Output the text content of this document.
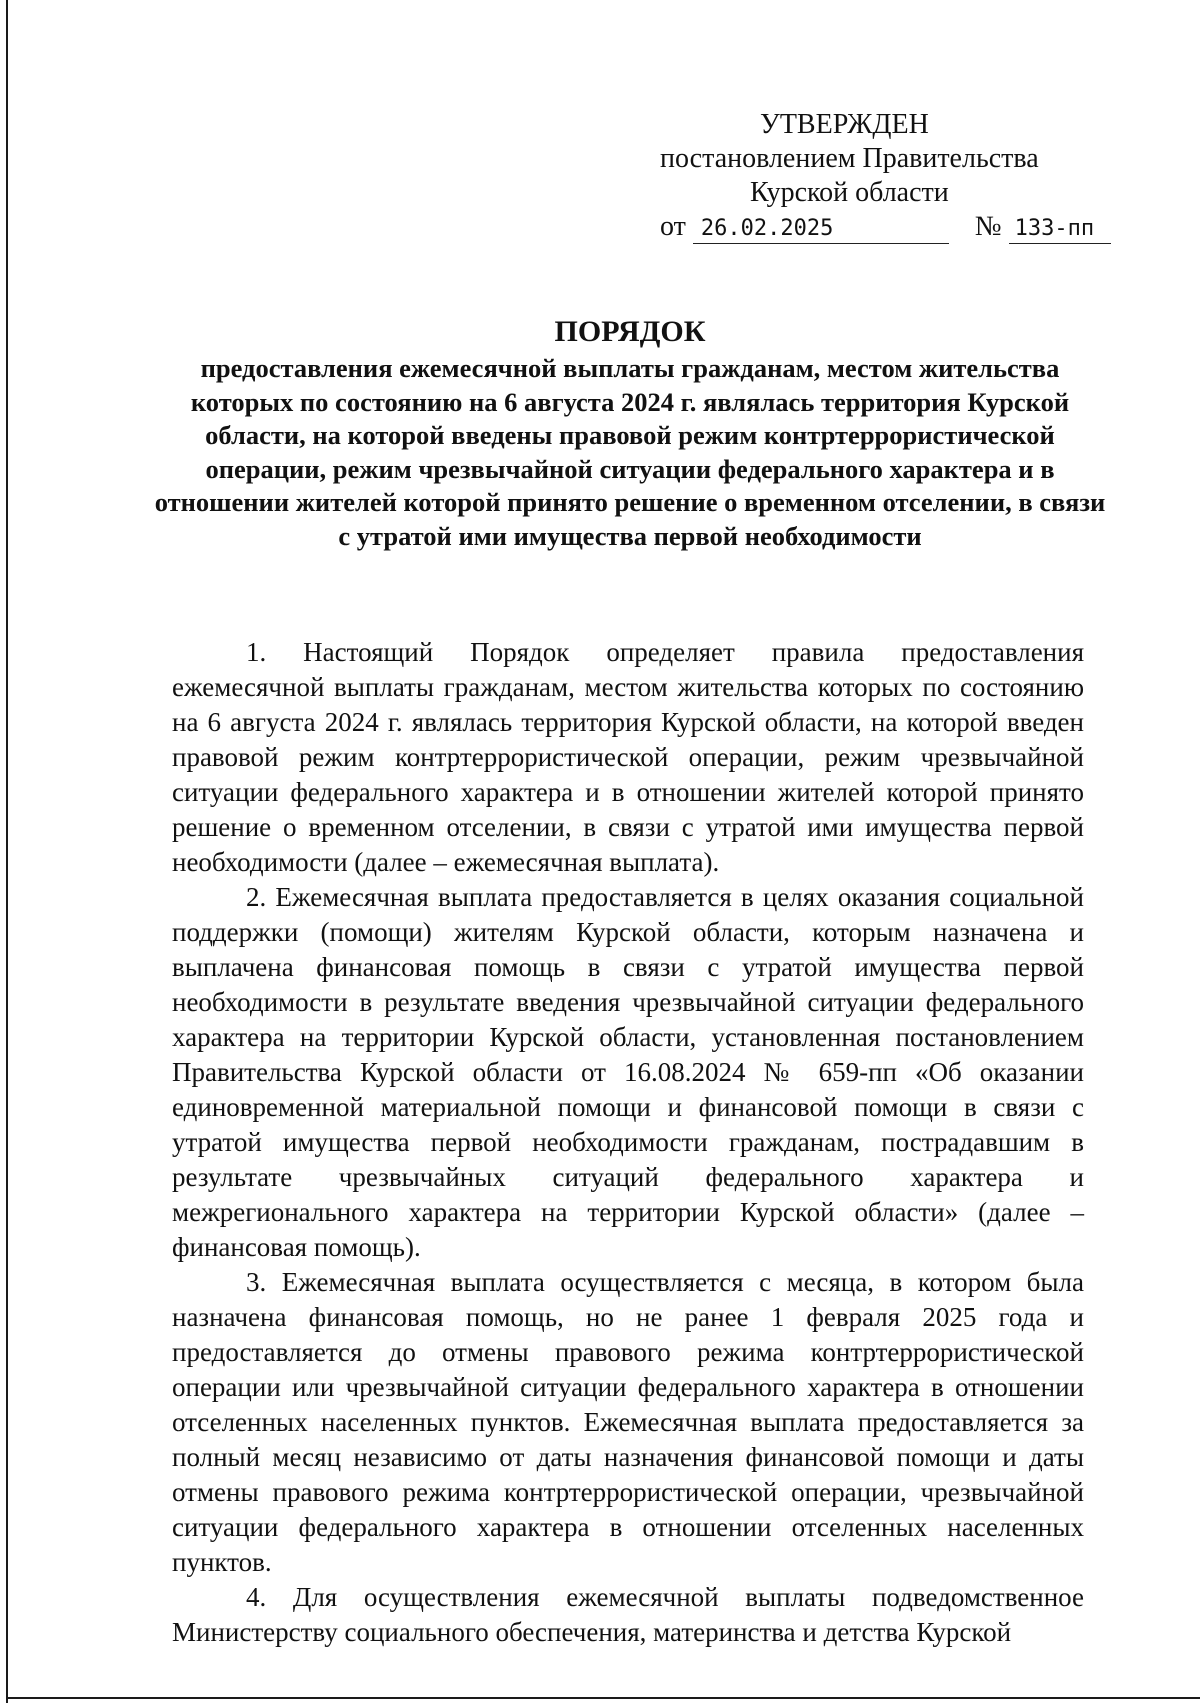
УТВЕРЖДЕН
постановлением Правительства
Курской области
от 26.02.2025	№ 133-пп
ПОРЯДОК
предоставления ежемесячной выплаты гражданам, местом жительства которых по состоянию на 6 августа 2024 г. являлась территория Курской области, на которой введены правовой режим контртеррористической операции, режим чрезвычайной ситуации федерального характера и в отношении жителей которой принято решение о временном отселении, в связи с утратой ими имущества первой необходимости

1. Настоящий Порядок определяет правила предоставления ежемесячной выплаты гражданам, местом жительства которых по состоянию на 6 августа 2024 г. являлась территория Курской области, на которой введен правовой режим контртеррористической операции, режим чрезвычайной ситуации федерального характера и в отношении жителей которой принято решение о временном отселении, в связи с утратой ими имущества первой необходимости (далее – ежемесячная выплата).

2. Ежемесячная выплата предоставляется в целях оказания социальной поддержки (помощи) жителям Курской области, которым назначена и выплачена финансовая помощь в связи с утратой имущества первой необходимости в результате введения чрезвычайной ситуации федерального характера на территории Курской области, установленная постановлением Правительства Курской области от 16.08.2024 № 659-пп «Об оказании единовременной материальной помощи и финансовой помощи в связи с утратой имущества первой необходимости гражданам, пострадавшим в результате чрезвычайных ситуаций федерального характера и межрегионального характера на территории Курской области» (далее – финансовая помощь).

3. Ежемесячная выплата осуществляется с месяца, в котором была назначена финансовая помощь, но не ранее 1 февраля 2025 года и предоставляется до отмены правового режима контртеррористической операции или чрезвычайной ситуации федерального характера в отношении отселенных населенных пунктов. Ежемесячная выплата предоставляется за полный месяц независимо от даты назначения финансовой помощи и даты отмены правового режима контртеррористической операции, чрезвычайной ситуации федерального характера в отношении отселенных населенных пунктов.

4. Для осуществления ежемесячной выплаты подведомственное Министерству социального обеспечения, материнства и детства Курской
